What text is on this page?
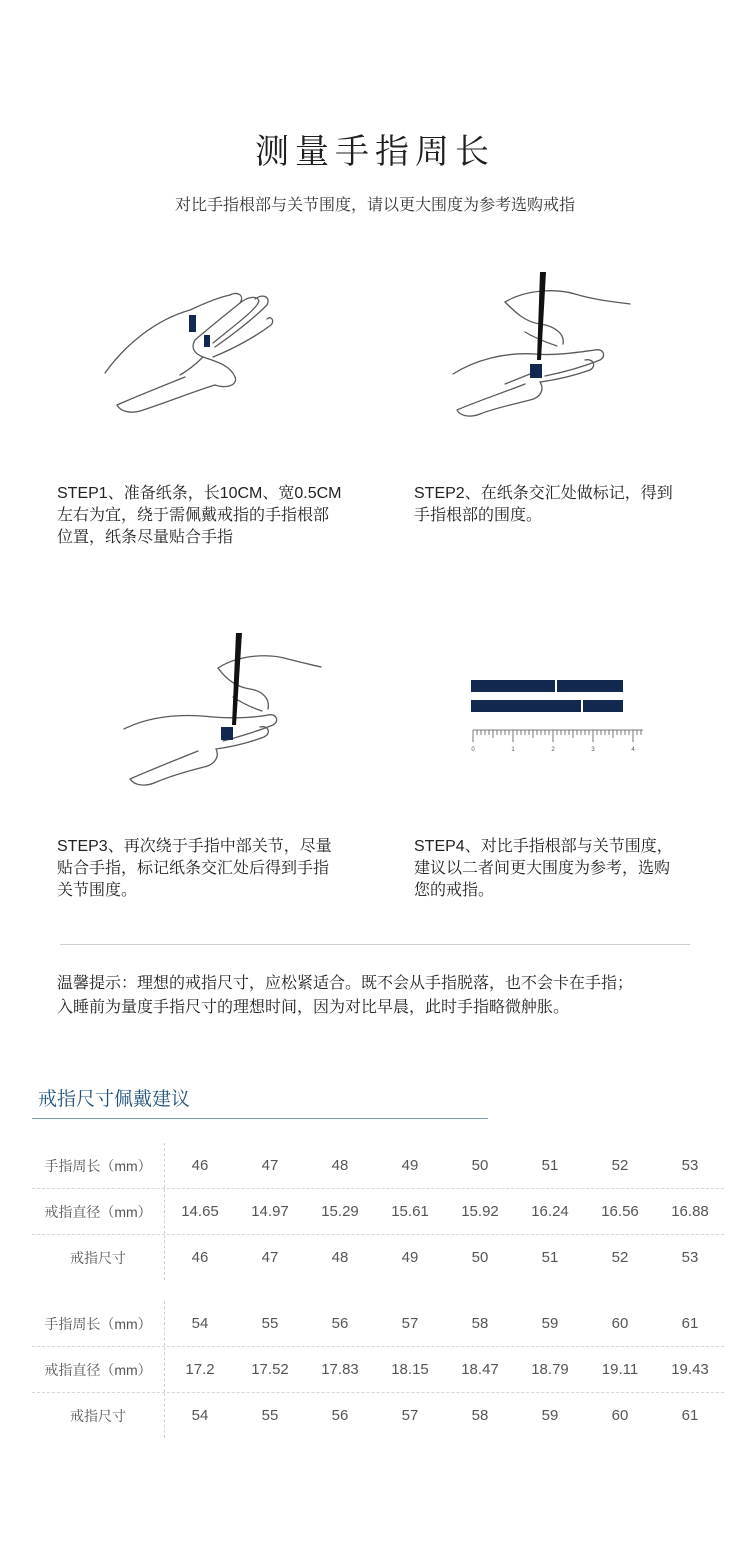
测量手指周长
对比手指根部与关节围度，请以更大围度为参考选购戒指
0	1	2	3	4
STEP1、准备纸条，长10CM、宽0.5CM左右为宜，绕于需佩戴戒指的手指根部位置，纸条尽量贴合手指
STEP2、在纸条交汇处做标记，得到手指根部的围度。
STEP3、再次绕于手指中部关节，尽量贴合手指，标记纸条交汇处后得到手指关节围度。
STEP4、对比手指根部与关节围度，建议以二者间更大围度为参考，选购您的戒指。
温馨提示：理想的戒指尺寸，应松紧适合。既不会从手指脱落，也不会卡在手指；
入睡前为量度手指尺寸的理想时间，因为对比早晨，此时手指略微舯胀。
戒指尺寸佩戴建议
手指周长（mm）	46	47	48	49	50	51	52	53
戒指直径（mm）	14.65	14.97	15.29	15.61	15.92	16.24	16.56	16.88
戒指尺寸	46	47	48	49	50	51	52	53
手指周长（mm）	54	55	56	57	58	59	60	61
戒指直径（mm）	17.2	17.52	17.83	18.15	18.47	18.79	19.11	19.43
戒指尺寸	54	55	56	57	58	59	60	61
